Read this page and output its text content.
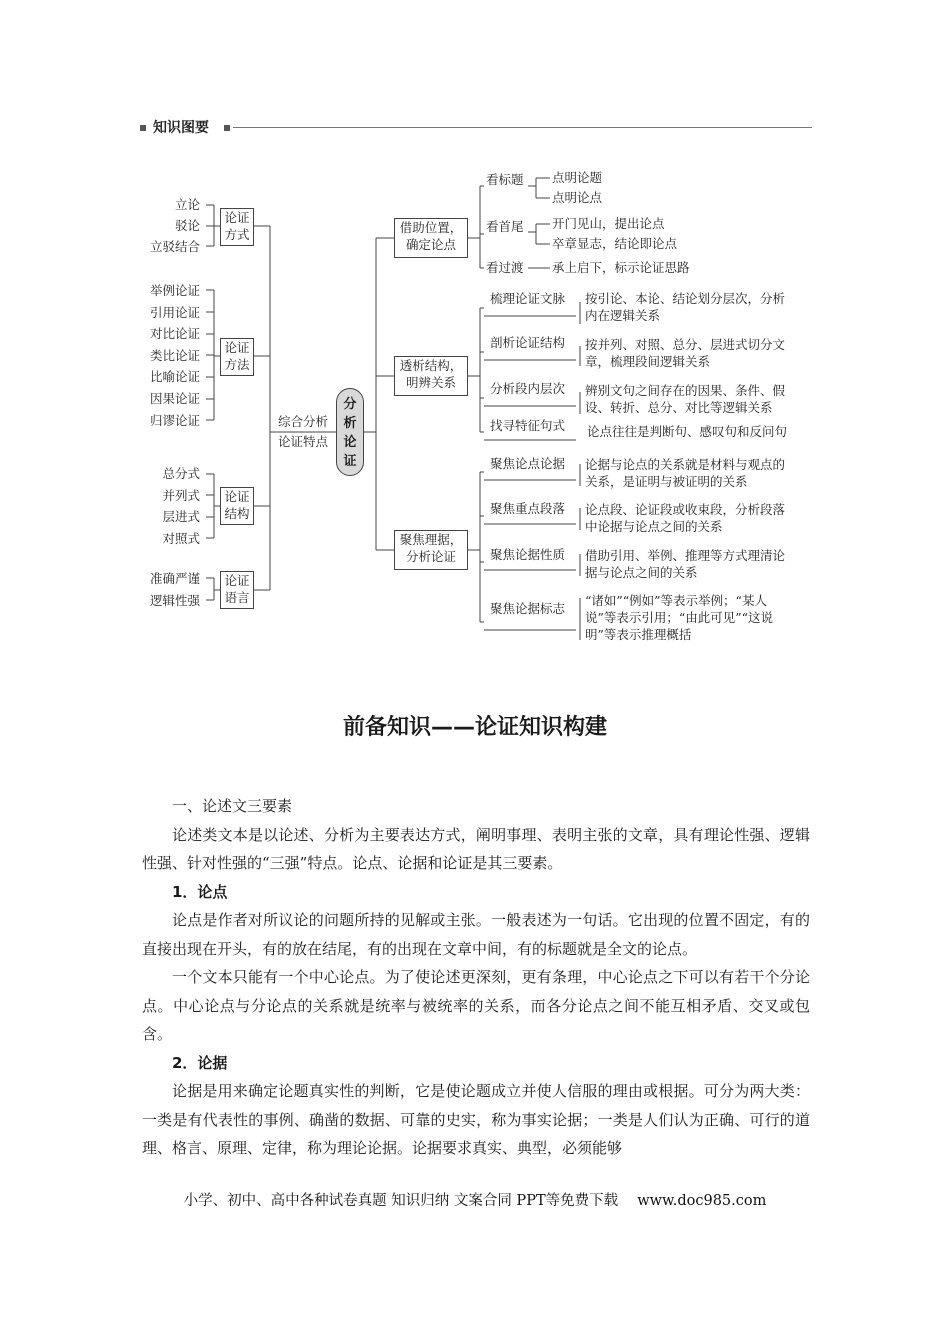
知识图要
立论
驳论
立驳结合
举例论证
引用论证
对比论证
类比论证
比喻论证
因果论证
归谬论证
总分式
并列式
层进式
对照式
准确严谨
逻辑性强
论证
方式
论证
方法
论证
结构
论证
语言
综合分析
论证特点
分析论证
借助位置，
确定论点
透析结构，
明辨关系
聚焦理据，
分析论证
看标题 点明论题
点明论点
看首尾 开门见山，提出论点
卒章显志，结论即论点
看过渡 承上启下，标示论证思路
梳理论证文脉 按引论、本论、结论划分层次，分析内在逻辑关系
剖析论证结构 按并列、对照、总分、层进式切分文章，梳理段间逻辑关系
分析段内层次 辨别文句之间存在的因果、条件、假设、转折、总分、对比等逻辑关系
找寻特征句式 论点往往是判断句、感叹句和反问句
聚焦论点论据 论据与论点的关系就是材料与观点的关系，是证明与被证明的关系
聚焦重点段落 论点段、论证段或收束段，分析段落中论据与论点之间的关系
聚焦论据性质 借助引用、举例、推理等方式理清论据与论点之间的关系
聚焦论据标志
“诸如”“例如”等表示举例；“某人说”等表示引用；“由此可见”“这说明”等表示推理概括
前备知识——论证知识构建

一、论述文三要素

论述类文本是以论述、分析为主要表达方式，阐明事理、表明主张的文章，具有理论性强、逻辑性强、针对性强的“三强”特点。论点、论据和论证是其三要素。

1．论点

论点是作者对所议论的问题所持的见解或主张。一般表述为一句话。它出现的位置不固定，有的直接出现在开头，有的放在结尾，有的出现在文章中间，有的标题就是全文的论点。

一个文本只能有一个中心论点。为了使论述更深刻，更有条理，中心论点之下可以有若干个分论点。中心论点与分论点的关系就是统率与被统率的关系，而各分论点之间不能互相矛盾、交叉或包含。

2．论据

论据是用来确定论题真实性的判断，它是使论题成立并使人信服的理由或根据。可分为两大类：一类是有代表性的事例、确凿的数据、可靠的史实，称为事实论据；一类是人们认为正确、可行的道理、格言、原理、定律，称为理论论据。论据要求真实、典型，必须能够

小学、初中、高中各种试卷真题 知识归纳 文案合同 PPT等免费下载　 www.doc985.com
